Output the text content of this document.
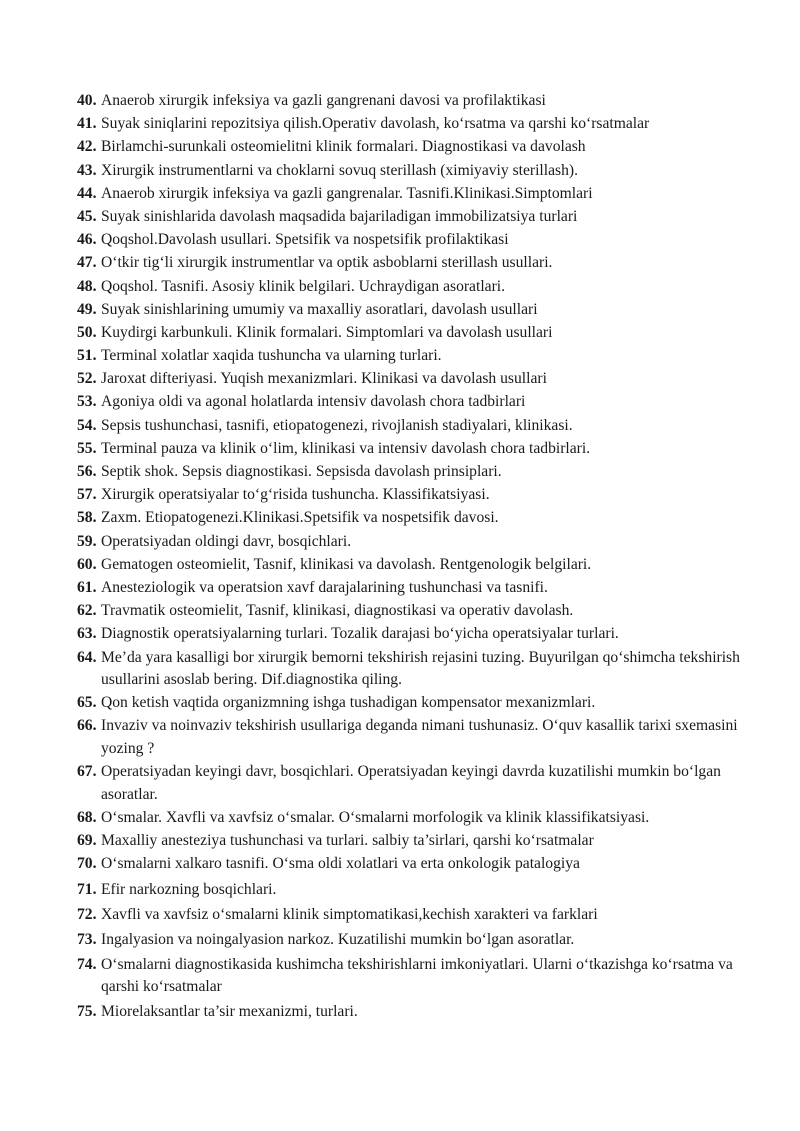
40. Anaerob xirurgik infeksiya va gazli gangrenani davosi va profilaktikasi
41. Suyak siniqlarini repozitsiya qilish.Operativ davolash, ko‘rsatma va qarshi ko‘rsatmalar
42. Birlamchi-surunkali osteomielitni klinik formalari. Diagnostikasi va davolash
43. Xirurgik instrumentlarni va choklarni sovuq sterillash (ximiyaviy sterillash).
44. Anaerob xirurgik infeksiya va gazli gangrenalar. Tasnifi.Klinikasi.Simptomlari
45. Suyak sinishlarida davolash maqsadida bajariladigan immobilizatsiya turlari
46. Qoqshol.Davolash usullari. Spetsifik va nospetsifik profilaktikasi
47. O‘tkir tig‘li xirurgik instrumentlar va optik asboblarni sterillash usullari.
48. Qoqshol. Tasnifi. Asosiy klinik belgilari. Uchraydigan asoratlari.
49. Suyak sinishlarining umumiy va maxalliy asoratlari, davolash usullari
50. Kuydirgi karbunkuli. Klinik formalari. Simptomlari va davolash usullari
51. Terminal xolatlar xaqida tushuncha va ularning turlari.
52. Jaroxat difteriyasi. Yuqish mexanizmlari. Klinikasi va davolash usullari
53. Agoniya oldi va agonal holatlarda intensiv davolash chora tadbirlari
54. Sepsis tushunchasi, tasnifi, etiopatogenezi, rivojlanish stadiyalari, klinikasi.
55. Terminal pauza va klinik o‘lim, klinikasi va intensiv davolash chora tadbirlari.
56. Septik shok. Sepsis diagnostikasi. Sepsisda davolash prinsiplari.
57. Xirurgik operatsiyalar to‘g‘risida tushuncha. Klassifikatsiyasi.
58. Zaxm. Etiopatogenezi.Klinikasi.Spetsifik va nospetsifik davosi.
59. Operatsiyadan oldingi davr, bosqichlari.
60. Gematogen osteomielit, Tasnif, klinikasi va davolash. Rentgenologik belgilari.
61. Anesteziologik va operatsion xavf darajalarining tushunchasi va tasnifi.
62. Travmatik osteomielit, Tasnif, klinikasi, diagnostikasi va operativ davolash.
63. Diagnostik operatsiyalarning turlari. Tozalik darajasi bo‘yicha operatsiyalar turlari.
64. Me’da yara kasalligi bor xirurgik bemorni tekshirish rejasini tuzing. Buyurilgan qo‘shimcha tekshirish usullarini asoslab bering. Dif.diagnostika qiling.
65. Qon ketish vaqtida organizmning ishga tushadigan kompensator mexanizmlari.
66. Invaziv va noinvaziv tekshirish usullariga deganda nimani tushunasiz. O‘quv kasallik tarixi sxemasini yozing ?
67. Operatsiyadan keyingi davr, bosqichlari. Operatsiyadan keyingi davrda kuzatilishi mumkin bo‘lgan asoratlar.
68. O‘smalar. Xavfli va xavfsiz o‘smalar. O‘smalarni morfologik va klinik klassifikatsiyasi.
69. Maxalliy anesteziya tushunchasi va turlari. salbiy ta’sirlari, qarshi ko‘rsatmalar
70. O‘smalarni xalkaro tasnifi. O‘sma oldi xolatlari va erta onkologik patalogiya
71. Efir narkozning bosqichlari.
72. Xavfli va xavfsiz o‘smalarni klinik simptomatikasi,kechish xarakteri va farklari
73. Ingalyasion va noingalyasion narkoz. Kuzatilishi mumkin bo‘lgan asoratlar.
74. O‘smalarni diagnostikasida kushimcha tekshirishlarni imkoniyatlari. Ularni o‘tkazishga ko‘rsatma va qarshi ko‘rsatmalar
75. Miorelaksantlar ta’sir mexanizmi, turlari.
